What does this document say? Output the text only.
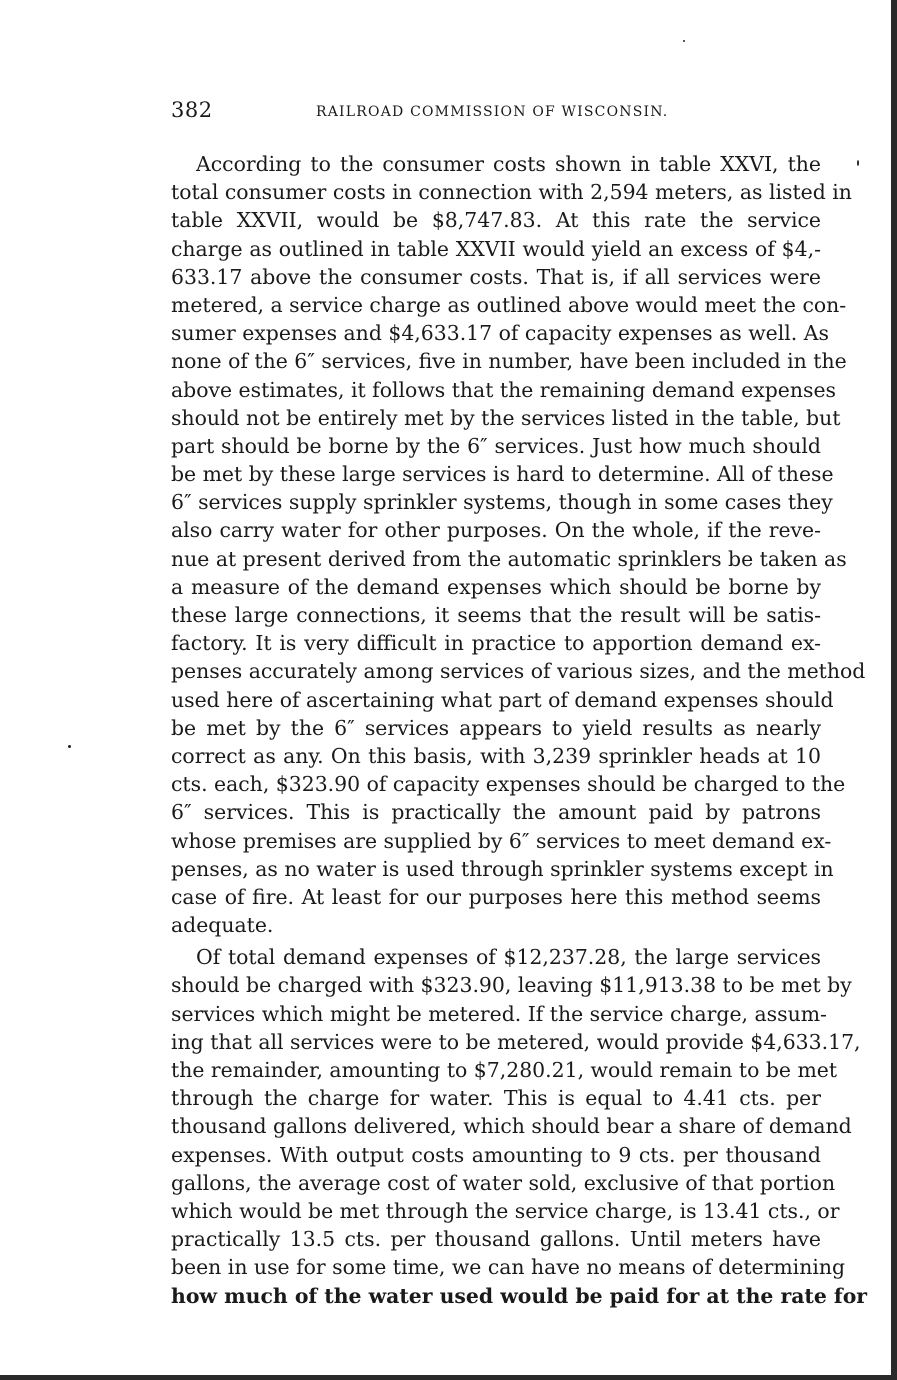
382	RAILROAD COMMISSION OF WISCONSIN.
According to the consumer costs shown in table XXVI, the
total consumer costs in connection with 2,594 meters, as listed in
table XXVII, would be $8,747.83. At this rate the service
charge as outlined in table XXVII would yield an excess of $4,-
633.17 above the consumer costs. That is, if all services were
metered, a service charge as outlined above would meet the con-
sumer expenses and $4,633.17 of capacity expenses as well. As
none of the 6″ services, five in number, have been included in the
above estimates, it follows that the remaining demand expenses
should not be entirely met by the services listed in the table, but
part should be borne by the 6″ services. Just how much should
be met by these large services is hard to determine. All of these
6″ services supply sprinkler systems, though in some cases they
also carry water for other purposes. On the whole, if the reve-
nue at present derived from the automatic sprinklers be taken as
a measure of the demand expenses which should be borne by
these large connections, it seems that the result will be satis-
factory. It is very difficult in practice to apportion demand ex-
penses accurately among services of various sizes, and the method
used here of ascertaining what part of demand expenses should
be met by the 6″ services appears to yield results as nearly
correct as any. On this basis, with 3,239 sprinkler heads at 10
cts. each, $323.90 of capacity expenses should be charged to the
6″ services. This is practically the amount paid by patrons
whose premises are supplied by 6″ services to meet demand ex-
penses, as no water is used through sprinkler systems except in
case of fire. At least for our purposes here this method seems
adequate.
Of total demand expenses of $12,237.28, the large services
should be charged with $323.90, leaving $11,913.38 to be met by
services which might be metered. If the service charge, assum-
ing that all services were to be metered, would provide $4,633.17,
the remainder, amounting to $7,280.21, would remain to be met
through the charge for water. This is equal to 4.41 cts. per
thousand gallons delivered, which should bear a share of demand
expenses. With output costs amounting to 9 cts. per thousand
gallons, the average cost of water sold, exclusive of that portion
which would be met through the service charge, is 13.41 cts., or
practically 13.5 cts. per thousand gallons. Until meters have
been in use for some time, we can have no means of determining
how much of the water used would be paid for at the rate for
